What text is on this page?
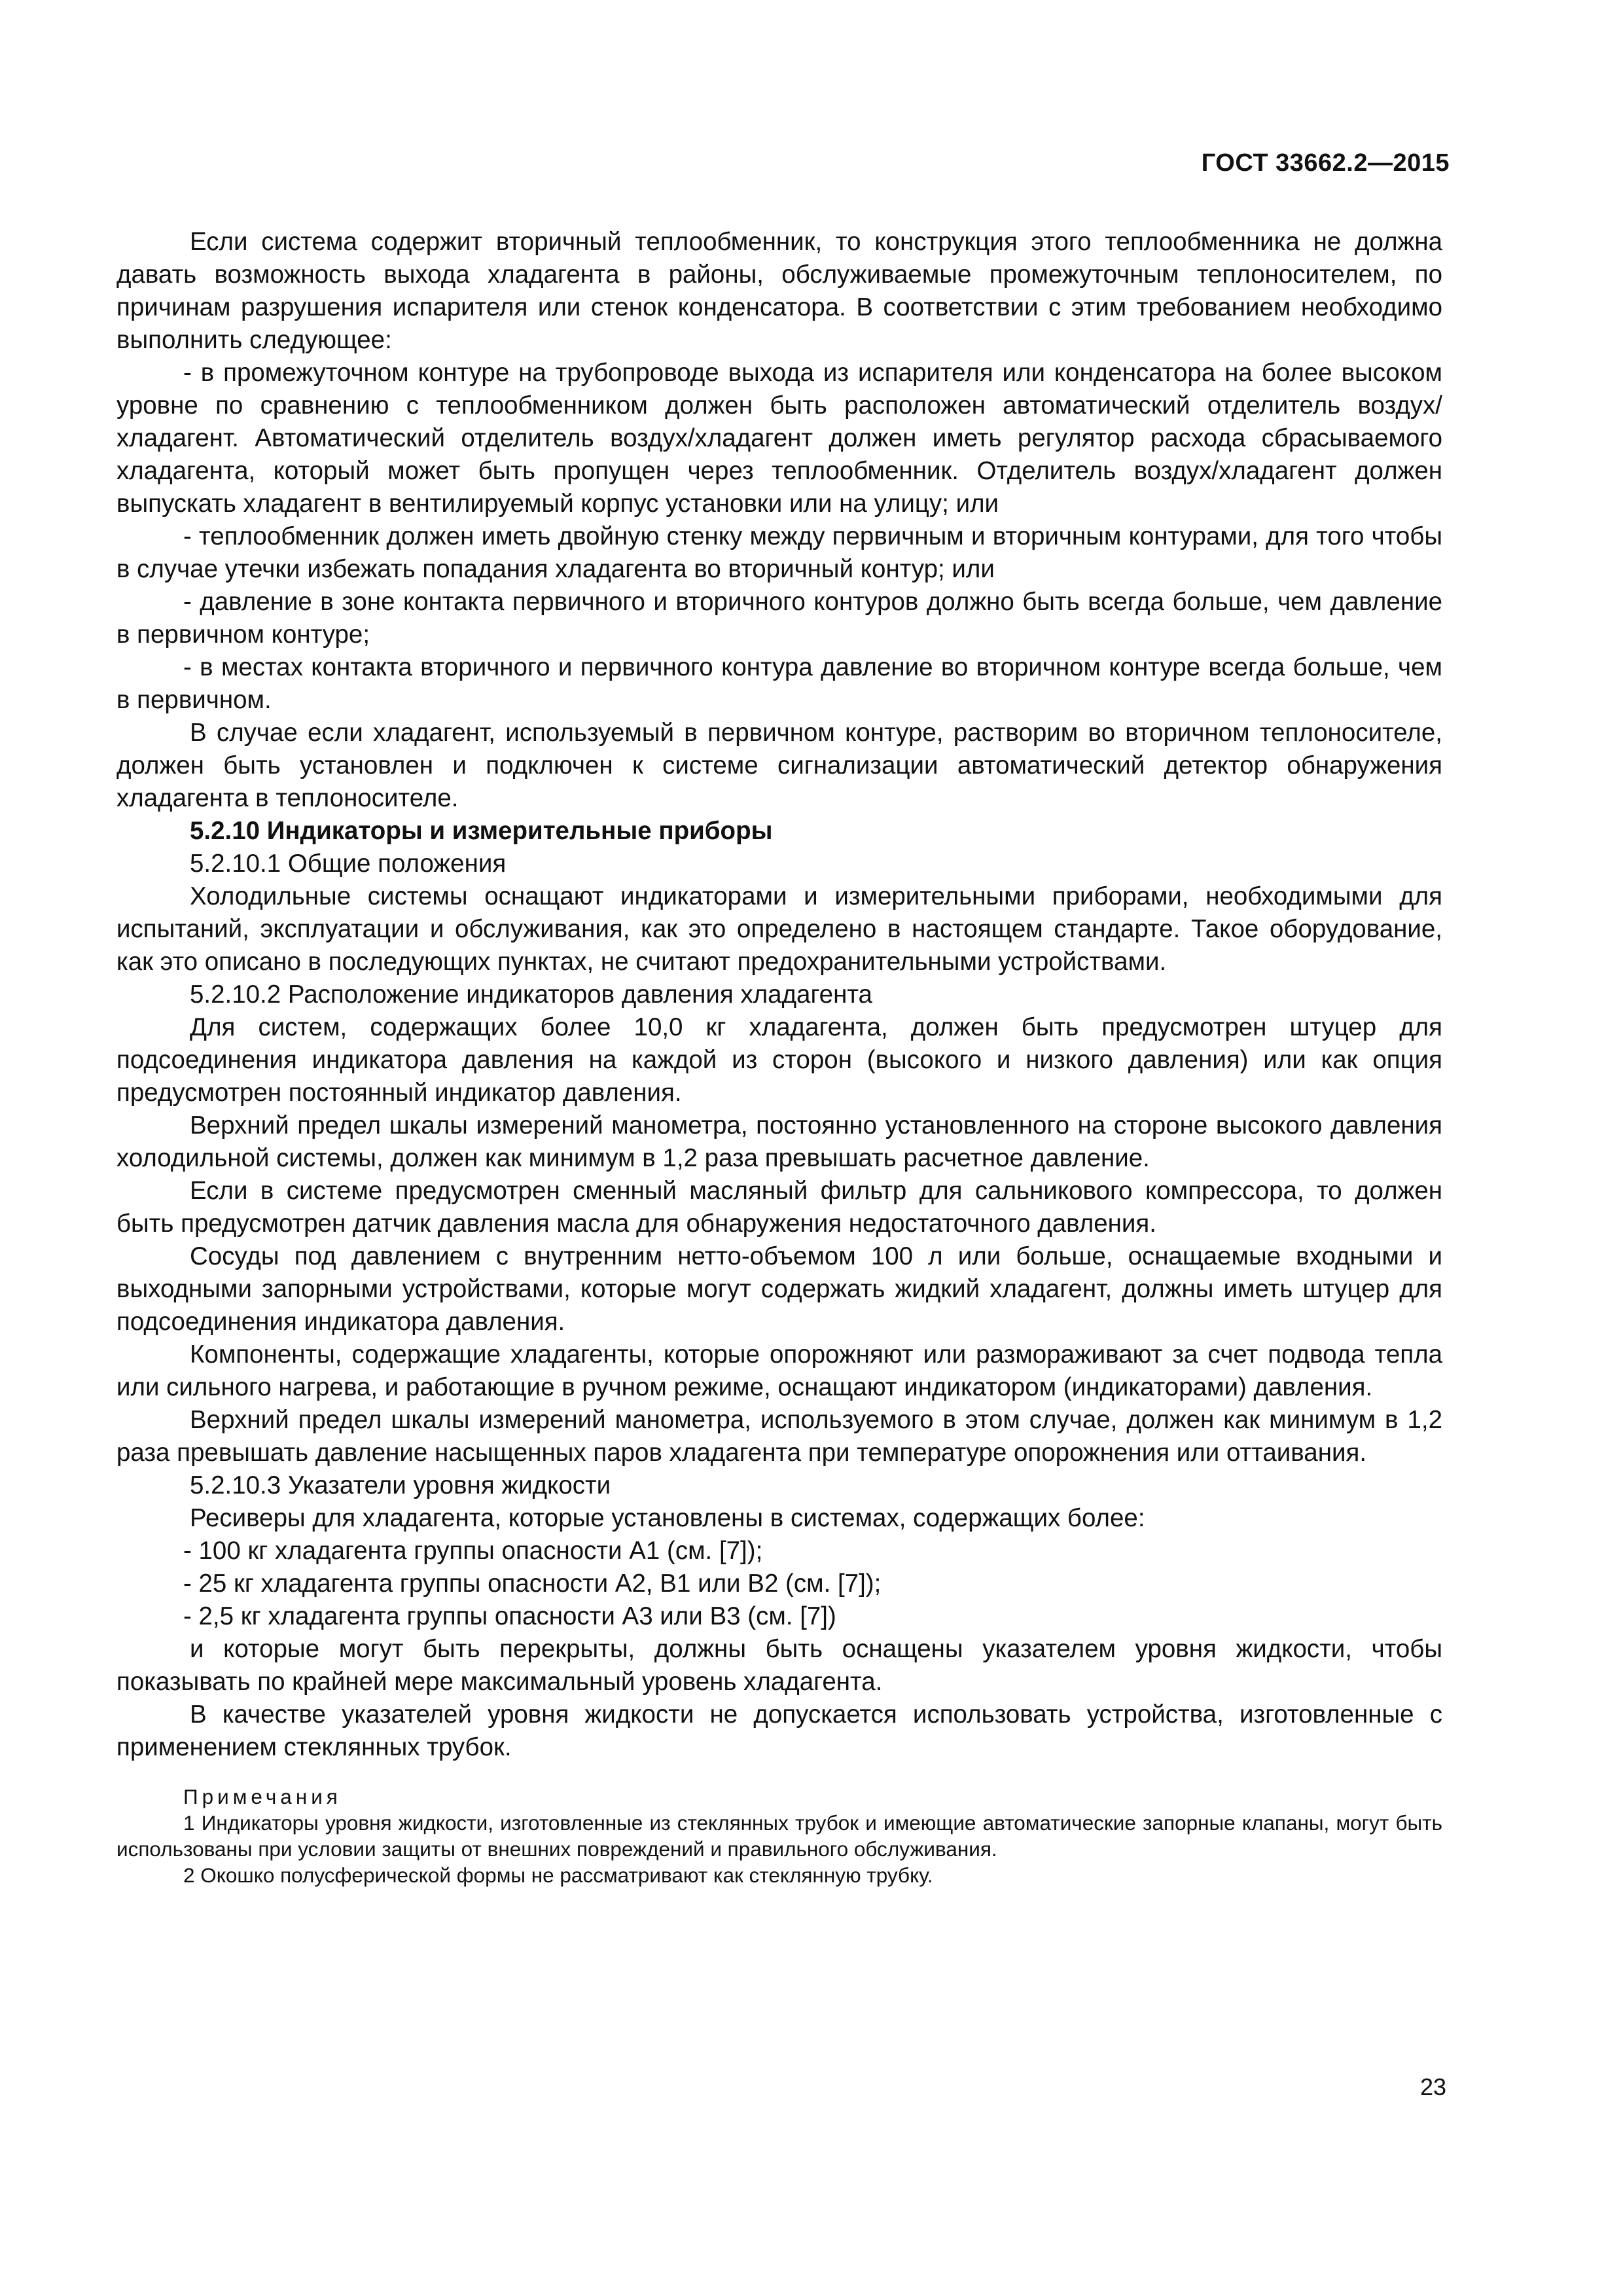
ГОСТ 33662.2—2015

Если система содержит вторичный теплообменник, то конструкция этого теплообменника не должна давать возможность выхода хладагента в районы, обслуживаемые промежуточным теплоносителем, по причинам разрушения испарителя или стенок конденсатора. В соответствии с этим требованием необходимо выполнить следующее:

- в промежуточном контуре на трубопроводе выхода из испарителя или конденсатора на более высоком уровне по сравнению с теплообменником должен быть расположен автоматический отделитель воздух/хладагент. Автоматический отделитель воздух/хладагент должен иметь регулятор расхода сбрасываемого хладагента, который может быть пропущен через теплообменник. Отделитель воздух/хладагент должен выпускать хладагент в вентилируемый корпус установки или на улицу; или

- теплообменник должен иметь двойную стенку между первичным и вторичным контурами, для того чтобы в случае утечки избежать попадания хладагента во вторичный контур; или

- давление в зоне контакта первичного и вторичного контуров должно быть всегда больше, чем давление в первичном контуре;

- в местах контакта вторичного и первичного контура давление во вторичном контуре всегда больше, чем в первичном.

В случае если хладагент, используемый в первичном контуре, растворим во вторичном теплоносителе, должен быть установлен и подключен к системе сигнализации автоматический детектор обнаружения хладагента в теплоносителе.

5.2.10 Индикаторы и измерительные приборы

5.2.10.1 Общие положения

Холодильные системы оснащают индикаторами и измерительными приборами, необходимыми для испытаний, эксплуатации и обслуживания, как это определено в настоящем стандарте. Такое оборудование, как это описано в последующих пунктах, не считают предохранительными устройствами.

5.2.10.2 Расположение индикаторов давления хладагента

Для систем, содержащих более 10,0 кг хладагента, должен быть предусмотрен штуцер для подсоединения индикатора давления на каждой из сторон (высокого и низкого давления) или как опция предусмотрен постоянный индикатор давления.

Верхний предел шкалы измерений манометра, постоянно установленного на стороне высокого давления холодильной системы, должен как минимум в 1,2 раза превышать расчетное давление.

Если в системе предусмотрен сменный масляный фильтр для сальникового компрессора, то должен быть предусмотрен датчик давления масла для обнаружения недостаточного давления.

Сосуды под давлением с внутренним нетто-объемом 100 л или больше, оснащаемые входными и выходными запорными устройствами, которые могут содержать жидкий хладагент, должны иметь штуцер для подсоединения индикатора давления.

Компоненты, содержащие хладагенты, которые опорожняют или размораживают за счет подвода тепла или сильного нагрева, и работающие в ручном режиме, оснащают индикатором (индикаторами) давления.

Верхний предел шкалы измерений манометра, используемого в этом случае, должен как минимум в 1,2 раза превышать давление насыщенных паров хладагента при температуре опорожнения или оттаивания.

5.2.10.3 Указатели уровня жидкости

Ресиверы для хладагента, которые установлены в системах, содержащих более:

- 100 кг хладагента группы опасности А1 (см. [7]);

- 25 кг хладагента группы опасности А2, В1 или В2 (см. [7]);

- 2,5 кг хладагента группы опасности А3 или В3 (см. [7])

и которые могут быть перекрыты, должны быть оснащены указателем уровня жидкости, чтобы показывать по крайней мере максимальный уровень хладагента.

В качестве указателей уровня жидкости не допускается использовать устройства, изготовленные с применением стеклянных трубок.

Примечания

1 Индикаторы уровня жидкости, изготовленные из стеклянных трубок и имеющие автоматические запорные клапаны, могут быть использованы при условии защиты от внешних повреждений и правильного обслуживания.

2 Окошко полусферической формы не рассматривают как стеклянную трубку.

23
